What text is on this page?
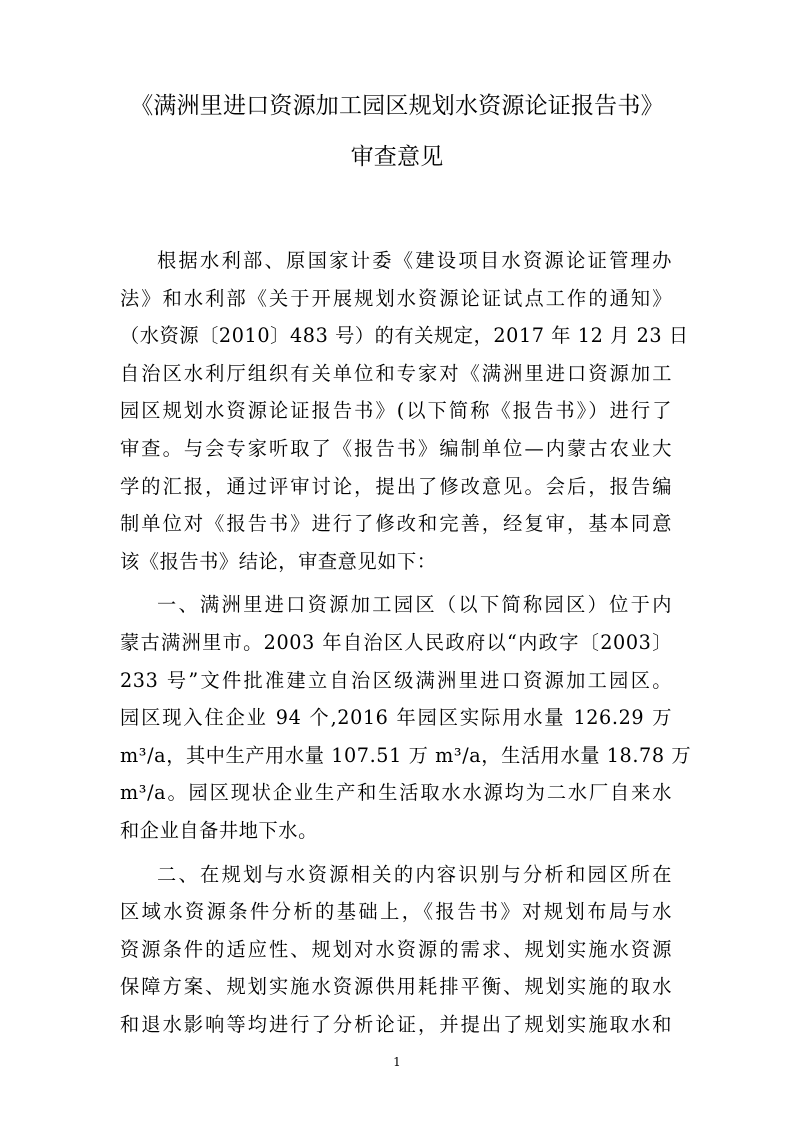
《满洲里进口资源加工园区规划水资源论证报告书》
审查意见
根据水利部、原国家计委《建设项目水资源论证管理办
法》和水利部《关于开展规划水资源论证试点工作的通知》
（水资源〔2010〕483 号）的有关规定，2017 年 12 月 23 日
自治区水利厅组织有关单位和专家对《满洲里进口资源加工
园区规划水资源论证报告书》(以下简称《报告书》）进行了
审查。与会专家听取了《报告书》编制单位—内蒙古农业大
学的汇报，通过评审讨论，提出了修改意见。会后，报告编
制单位对《报告书》进行了修改和完善，经复审，基本同意
该《报告书》结论，审查意见如下：
一、满洲里进口资源加工园区（以下简称园区）位于内
蒙古满洲里市。2003 年自治区人民政府以“内政字〔2003〕
233 号”文件批准建立自治区级满洲里进口资源加工园区。
园区现入住企业 94 个,2016 年园区实际用水量 126.29 万
m³/a，其中生产用水量 107.51 万 m³/a，生活用水量 18.78 万
m³/a。园区现状企业生产和生活取水水源均为二水厂自来水
和企业自备井地下水。
二、在规划与水资源相关的内容识别与分析和园区所在
区域水资源条件分析的基础上，《报告书》对规划布局与水
资源条件的适应性、规划对水资源的需求、规划实施水资源
保障方案、规划实施水资源供用耗排平衡、规划实施的取水
和退水影响等均进行了分析论证，并提出了规划实施取水和
1
